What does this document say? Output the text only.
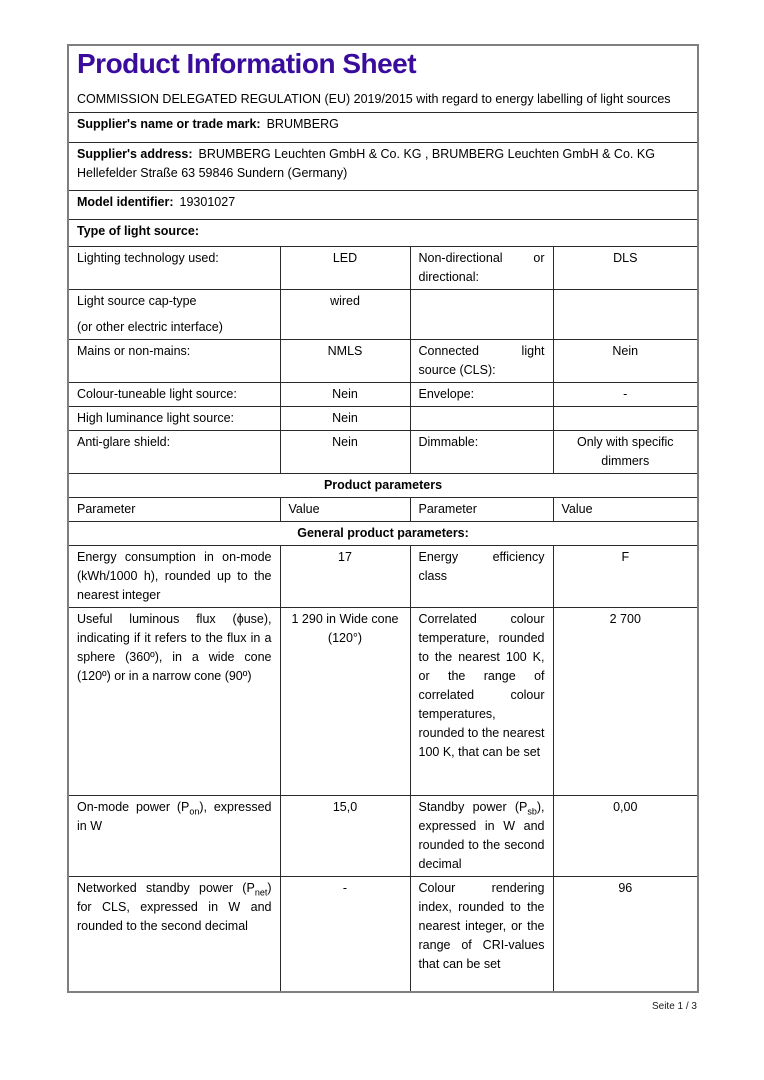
Product Information Sheet

COMMISSION DELEGATED REGULATION (EU) 2019/2015 with regard to energy labelling of light sources

Supplier's name or trade mark: BRUMBERG			
Supplier's address: BRUMBERG Leuchten GmbH & Co. KG , BRUMBERG Leuchten GmbH & Co. KG Hellefelder Straße 63 59846 Sundern (Germany)			
Model identifier: 19301027			
Type of light source:			
Lighting technology used:	LED	Non-directional or directional:	DLS

Light source cap-type
(or other electric interface)	wired		
Mains or non-mains:	NMLS	Connected light source (CLS):	Nein
Colour-tuneable light source:	Nein	Envelope:	-
High luminance light source:	Nein		
Anti-glare shield:	Nein	Dimmable:	Only with specific dimmers
Product parameters			
Parameter	Value	Parameter	Value
General product parameters:			
Energy consumption in on-mode (kWh/1000 h), rounded up to the nearest integer	17	Energy efficiency class	F
Useful luminous flux (ϕuse), indicating if it refers to the flux in a sphere (360º), in a wide cone (120º) or in a narrow cone (90º)	1 290 in Wide cone (120°)	Correlated colour temperature, rounded to the nearest 100 K, or the range of correlated colour temperatures, rounded to the nearest 100 K, that can be set	2 700
On-mode power $(P_{on})$, expressed in W	15,0	Standby power $(P_{sb})$, expressed in W and rounded to the second decimal	0,00
Networked standby power $(P_{net})$ for CLS, expressed in W and rounded to the second decimal	-	Colour rendering index, rounded to the nearest integer, or the range of CRI-values that can be set	96
Seite 1 / 3
